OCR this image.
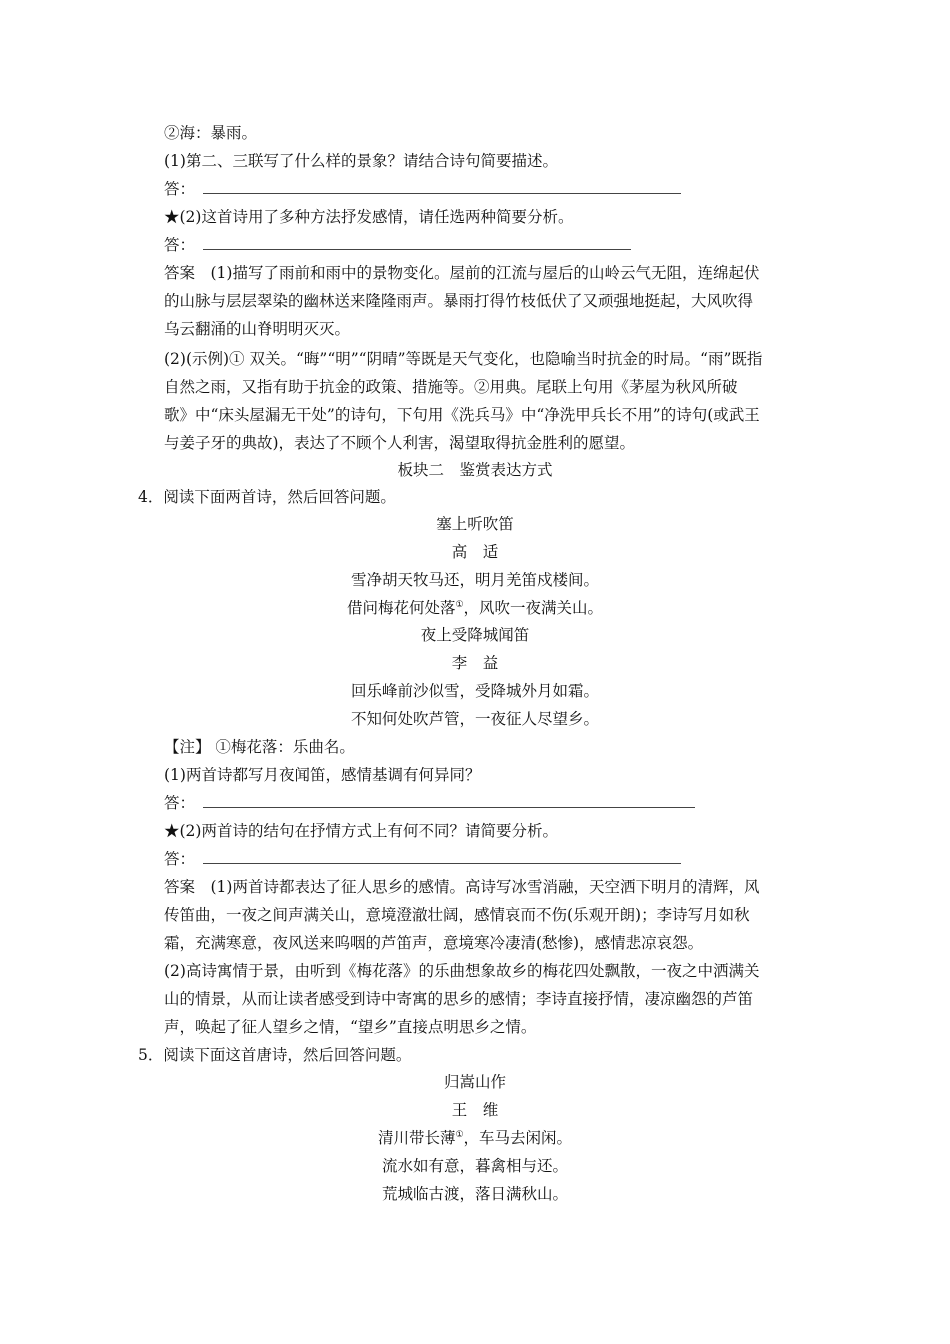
②海：暴雨。
(1)第二、三联写了什么样的景象？请结合诗句简要描述。
答：
★(2)这首诗用了多种方法抒发感情，请任选两种简要分析。
答：
答案　(1)描写了雨前和雨中的景物变化。屋前的江流与屋后的山岭云气无阻，连绵起伏
的山脉与层层翠染的幽林送来隆隆雨声。暴雨打得竹枝低伏了又顽强地挺起，大风吹得
乌云翻涌的山脊明明灭灭。
(2)(示例)① 双关。“晦”“明”“阴晴”等既是天气变化，也隐喻当时抗金的时局。“雨”既指
自然之雨，又指有助于抗金的政策、措施等。②用典。尾联上句用《茅屋为秋风所破
歌》中“床头屋漏无干处”的诗句，下句用《洗兵马》中“净洗甲兵长不用”的诗句(或武王
与姜子牙的典故)，表达了不顾个人利害，渴望取得抗金胜利的愿望。
板块二　鉴赏表达方式
4．阅读下面两首诗，然后回答问题。
塞上听吹笛
高　适
雪净胡天牧马还，明月羌笛戍楼间。
借问梅花何处落①，风吹一夜满关山。
夜上受降城闻笛
李　益
回乐峰前沙似雪，受降城外月如霜。
不知何处吹芦管，一夜征人尽望乡。
【注】 ①梅花落：乐曲名。
(1)两首诗都写月夜闻笛，感情基调有何异同？
答：
★(2)两首诗的结句在抒情方式上有何不同？请简要分析。
答：
答案　(1)两首诗都表达了征人思乡的感情。高诗写冰雪消融，天空洒下明月的清辉，风
传笛曲，一夜之间声满关山，意境澄澈壮阔，感情哀而不伤(乐观开朗)；李诗写月如秋
霜，充满寒意，夜风送来呜咽的芦笛声，意境寒冷凄清(愁惨)，感情悲凉哀怨。
(2)高诗寓情于景，由听到《梅花落》的乐曲想象故乡的梅花四处飘散，一夜之中洒满关
山的情景，从而让读者感受到诗中寄寓的思乡的感情；李诗直接抒情，凄凉幽怨的芦笛
声，唤起了征人望乡之情，“望乡”直接点明思乡之情。
5．阅读下面这首唐诗，然后回答问题。
归嵩山作
王　维
清川带长薄①，车马去闲闲。
流水如有意，暮禽相与还。
荒城临古渡，落日满秋山。
